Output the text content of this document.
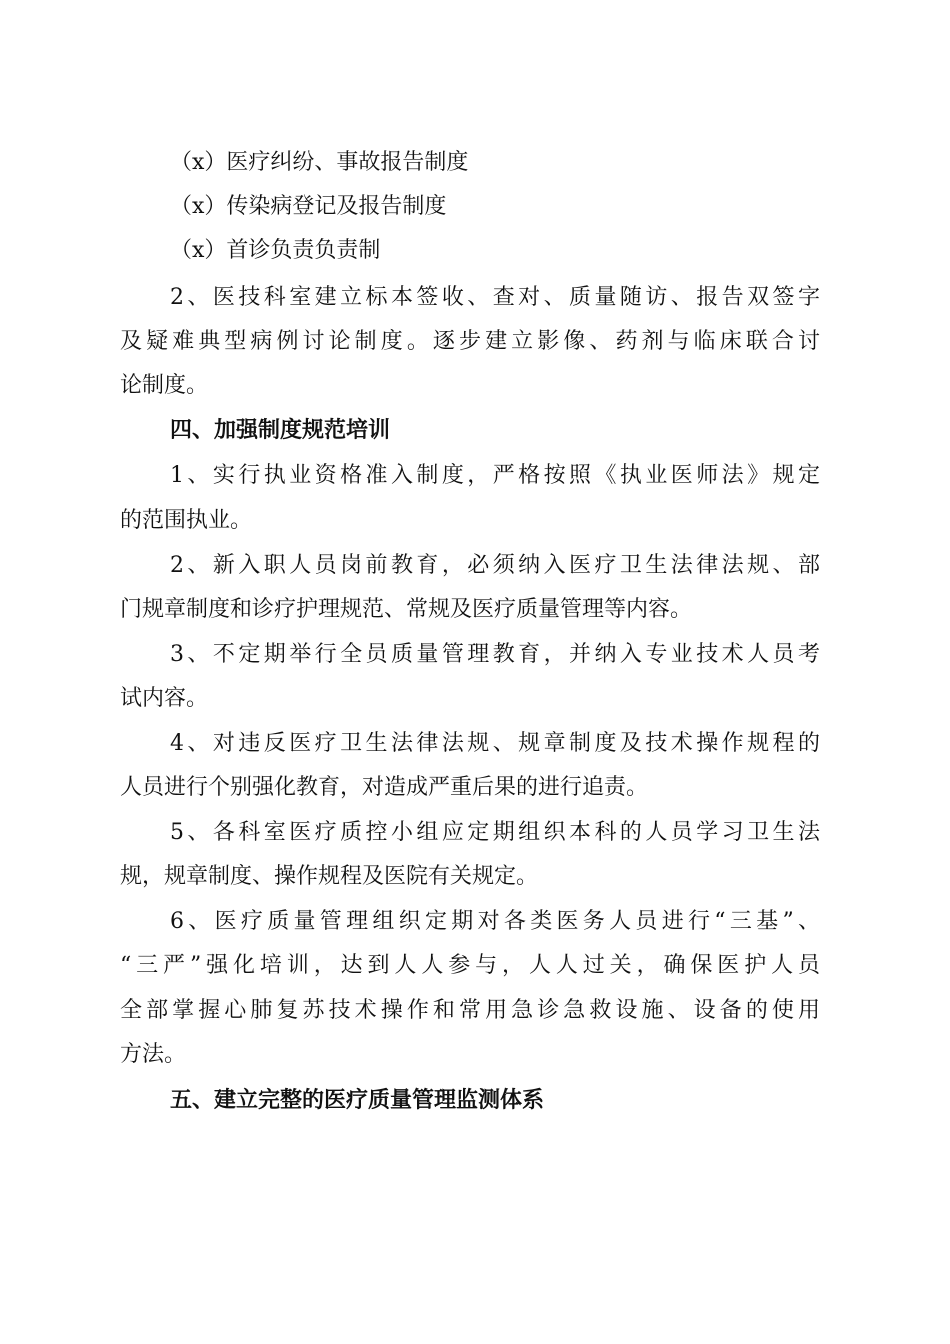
（x）医疗纠纷、事故报告制度
（x）传染病登记及报告制度
（x）首诊负责负责制
2、医技科室建立标本签收、查对、质量随访、报告双签字
及疑难典型病例讨论制度。逐步建立影像、药剂与临床联合讨
论制度。
四、加强制度规范培训
1、实行执业资格准入制度，严格按照《执业医师法》规定
的范围执业。
2、新入职人员岗前教育，必须纳入医疗卫生法律法规、部
门规章制度和诊疗护理规范、常规及医疗质量管理等内容。
3、不定期举行全员质量管理教育，并纳入专业技术人员考
试内容。
4、对违反医疗卫生法律法规、规章制度及技术操作规程的
人员进行个别强化教育，对造成严重后果的进行追责。
5、各科室医疗质控小组应定期组织本科的人员学习卫生法
规，规章制度、操作规程及医院有关规定。
6、医疗质量管理组织定期对各类医务人员进行“三基”、
“三严”强化培训，达到人人参与，人人过关，确保医护人员
全部掌握心肺复苏技术操作和常用急诊急救设施、设备的使用
方法。
五、建立完整的医疗质量管理监测体系
